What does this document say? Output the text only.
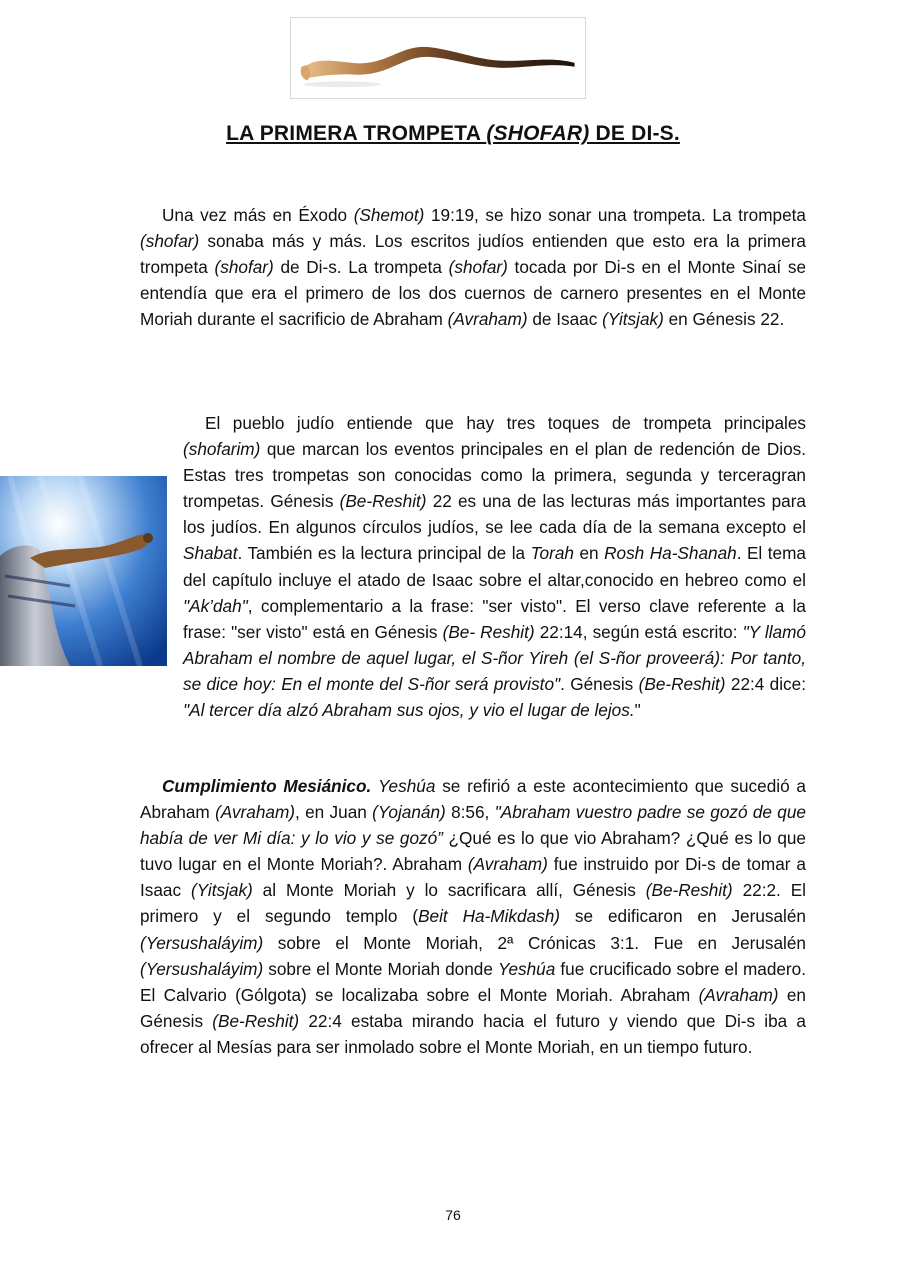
LA PRIMERA TROMPETA (SHOFAR) DE DI-S.
Una vez más en Éxodo (Shemot) 19:19, se hizo sonar una trompeta. La trompeta (shofar) sonaba más y más. Los escritos judíos entienden que esto era la primera trompeta (shofar) de Di-s. La trompeta (shofar) tocada por Di-s en el Monte Sinaí se entendía que era el primero de los dos cuernos de carnero presentes en el Monte Moriah durante el sacrificio de Abraham (Avraham) de Isaac (Yitsjak) en Génesis 22.
El pueblo judío entiende que hay tres toques de trompeta principales (shofarim) que marcan los eventos principales en el plan de redención de Dios. Estas tres trompetas son conocidas como la primera, segunda y terceragran trompetas. Génesis (Be-Reshit) 22 es una de las lecturas más importantes para los judíos. En algunos círculos judíos, se lee cada día de la semana excepto el Shabat. También es la lectura principal de la Torah en Rosh Ha-Shanah. El tema del capítulo incluye el atado de Isaac sobre el altar,conocido en hebreo como el "Ak’dah", complementario a la frase: "ser visto". El verso clave referente a la frase: "ser visto" está en Génesis (Be- Reshit) 22:14, según está escrito: "Y llamó Abraham el nombre de aquel lugar, el S-ñor Yireh (el S-ñor proveerá): Por tanto, se dice hoy: En el monte del S-ñor será provisto". Génesis (Be-Reshit) 22:4 dice: "Al tercer día alzó Abraham sus ojos, y vio el lugar de lejos."
Cumplimiento Mesiánico. Yeshúa se refirió a este acontecimiento que sucedió a Abraham (Avraham), en Juan (Yojanán) 8:56, "Abraham vuestro padre se gozó de que había de ver Mi día: y lo vio y se gozó” ¿Qué es lo que vio Abraham? ¿Qué es lo que tuvo lugar en el Monte Moriah?. Abraham (Avraham) fue instruido por Di-s de tomar a Isaac (Yitsjak) al Monte Moriah y lo sacrificara allí, Génesis (Be-Reshit) 22:2. El primero y el segundo templo (Beit Ha-Mikdash) se edificaron en Jerusalén (Yersushaláyim) sobre el Monte Moriah, 2ª Crónicas 3:1. Fue en Jerusalén (Yersushaláyim) sobre el Monte Moriah donde Yeshúa fue crucificado sobre el madero. El Calvario (Gólgota) se localizaba sobre el Monte Moriah. Abraham (Avraham) en Génesis (Be-Reshit) 22:4 estaba mirando hacia el futuro y viendo que Di-s iba a ofrecer al Mesías para ser inmolado sobre el Monte Moriah, en un tiempo futuro.
76
